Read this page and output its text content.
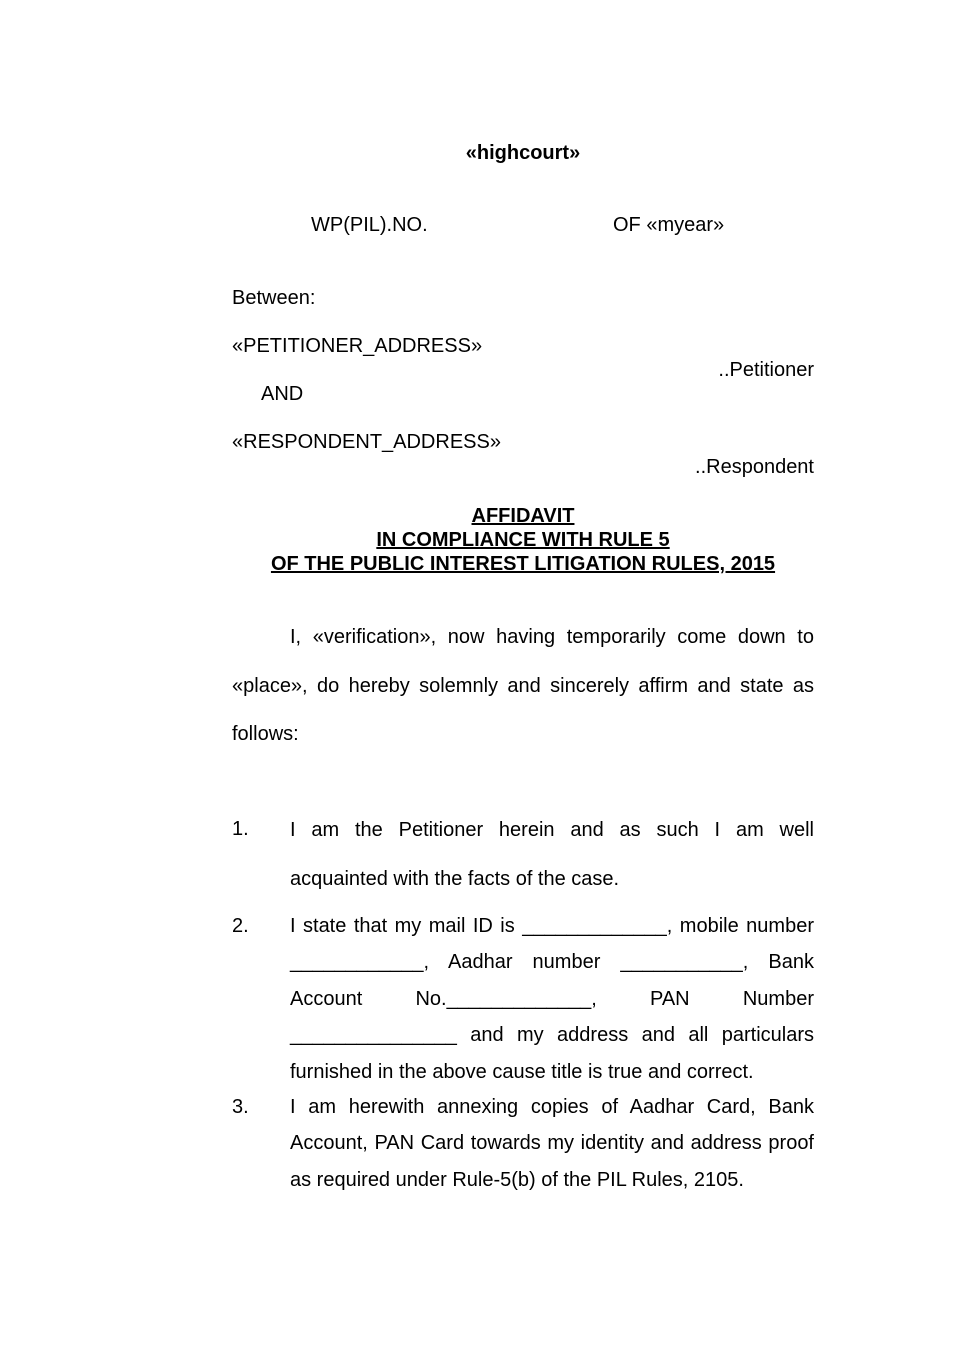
«highcourt»
WP(PIL).NO.	OF «myear»
Between:
«PETITIONER_ADDRESS»
..Petitioner
AND
«RESPONDENT_ADDRESS»
..Respondent
AFFIDAVIT
IN COMPLIANCE WITH RULE 5
OF THE PUBLIC INTEREST LITIGATION RULES, 2015
I, «verification», now having temporarily come down to «place», do hereby solemnly and sincerely affirm and state as follows:
1. I am the Petitioner herein and as such I am well acquainted with the facts of the case.
2. I state that my mail ID is _____________, mobile number ____________, Aadhar number ___________, Bank Account No._____________, PAN Number _______________ and my address and all particulars furnished in the above cause title is true and correct.
3. I am herewith annexing copies of Aadhar Card, Bank Account, PAN Card towards my identity and address proof as required under Rule-5(b) of the PIL Rules, 2105.
